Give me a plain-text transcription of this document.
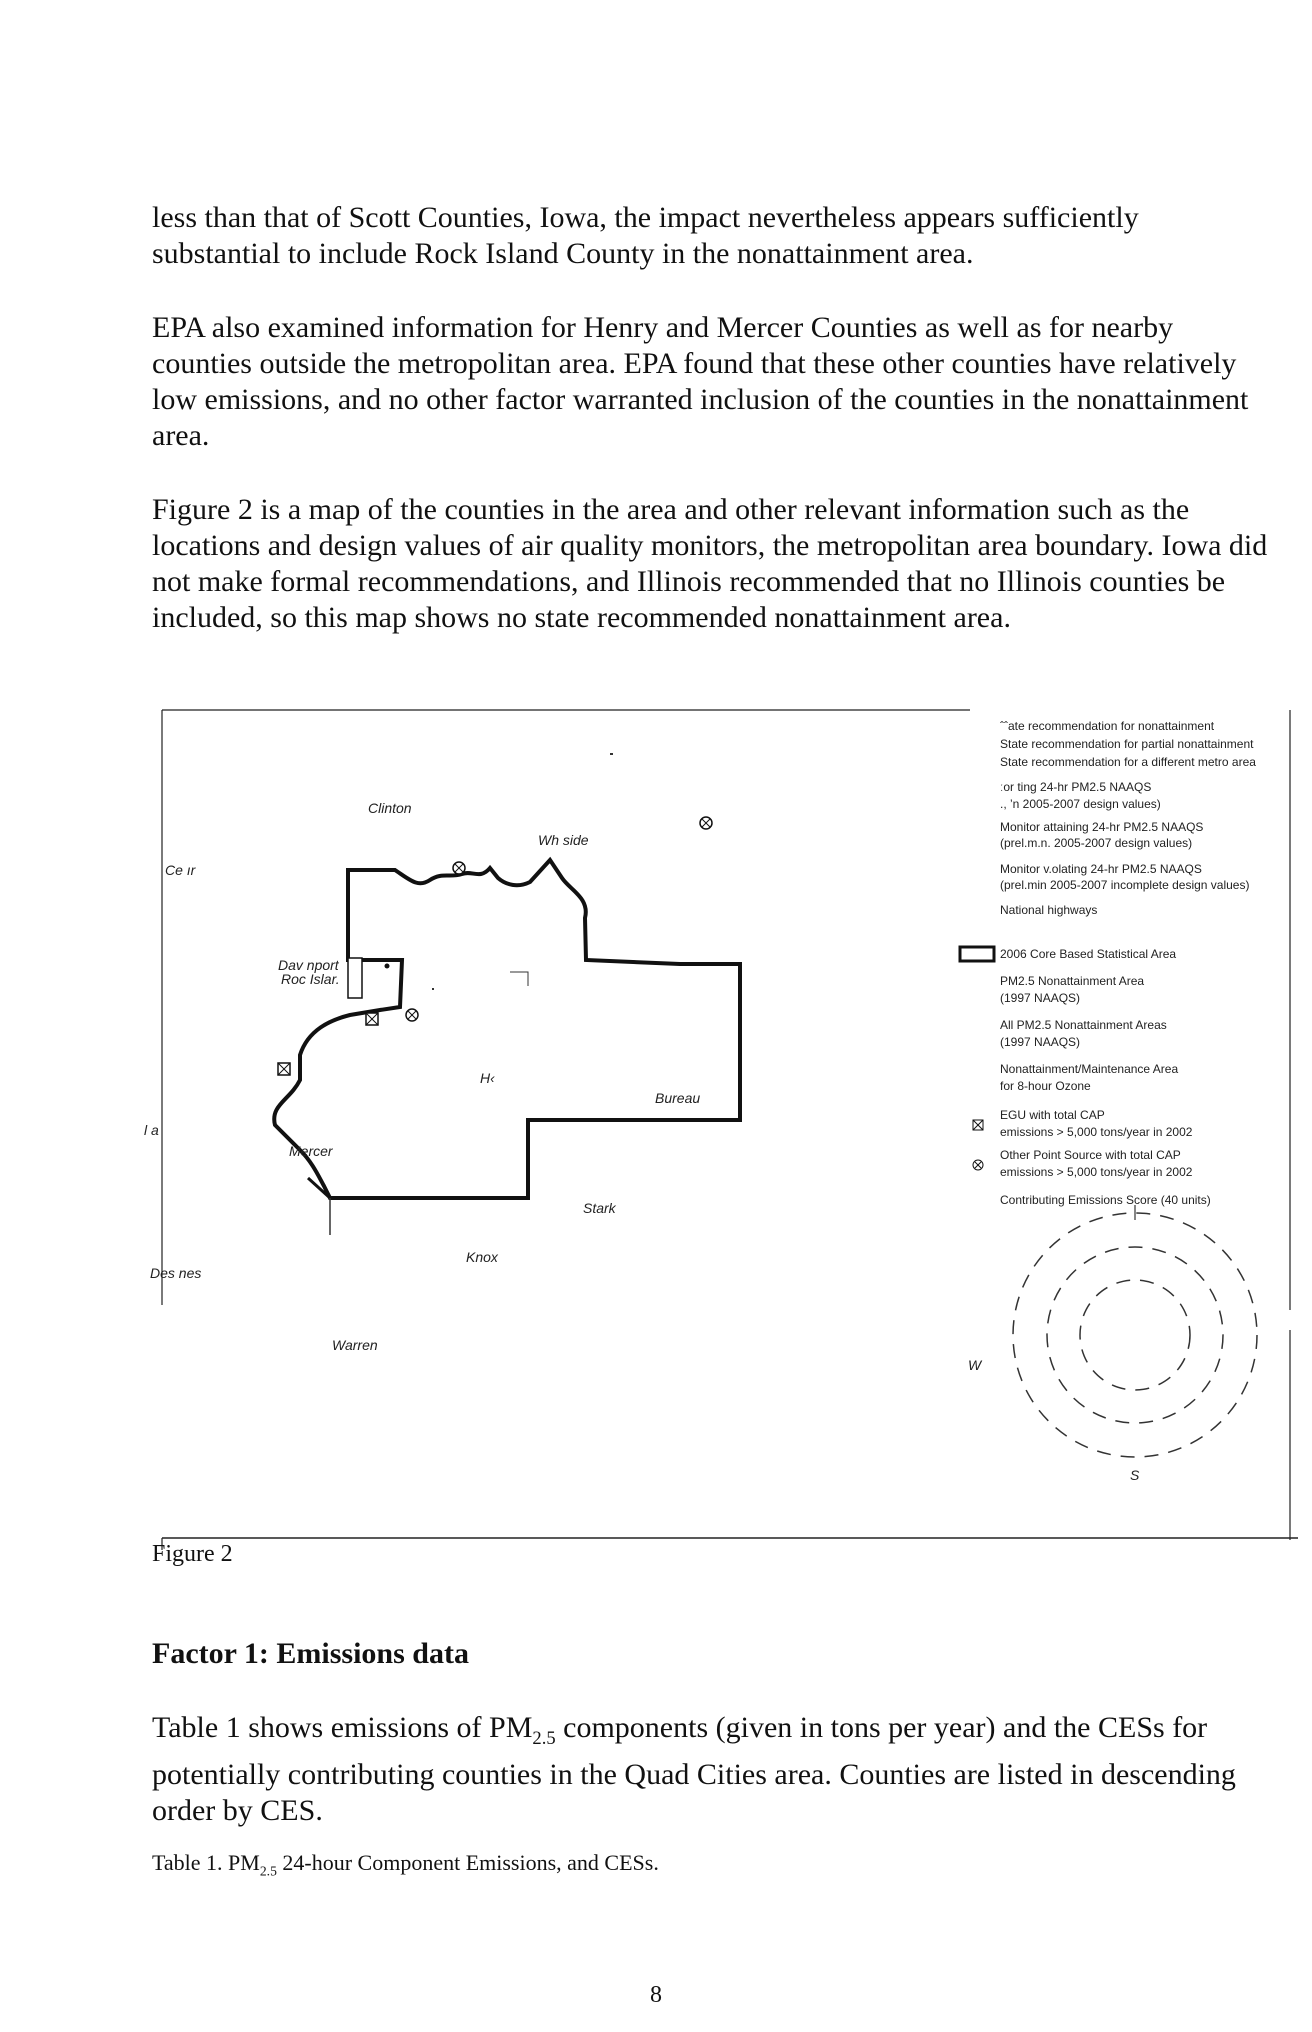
less than that of Scott Counties, Iowa, the impact nevertheless appears sufficiently substantial to include Rock Island County in the nonattainment area.

EPA also examined information for Henry and Mercer Counties as well as for nearby counties outside the metropolitan area. EPA found that these other counties have relatively low emissions, and no other factor warranted inclusion of the counties in the nonattainment area.

Figure 2 is a map of the counties in the area and other relevant information such as the locations and design values of air quality monitors, the metropolitan area boundary. Iowa did not make formal recommendations, and Illinois recommended that no Illinois counties be included, so this map shows no state recommended nonattainment area.

Clinton
Wh side
Ce ır
Dav nport
Roc Islar.
H‹
Bureau
Mercer
Stark
Knox
Des nes
Warren
l a
W
S
ˆˆate recommendation for nonattainment
State recommendation for partial nonattainment
State recommendation for a different metro area
ːor ting 24-hr PM2.5 NAAQS
., ’n 2005-2007 design values)
Monitor attaining 24-hr PM2.5 NAAQS
(prel.m.n. 2005-2007 design values)
Monitor v.olating 24-hr PM2.5 NAAQS
(prel.min 2005-2007 incomplete design values)
National highways
2006 Core Based Statistical Area
PM2.5 Nonattainment Area
(1997 NAAQS)
All PM2.5 Nonattainment Areas
(1997 NAAQS)
Nonattainment/Maintenance Area
for 8-hour Ozone
EGU with total CAP
emissions > 5,000 tons/year in 2002
Other Point Source with total CAP
emissions > 5,000 tons/year in 2002
Contributing Emissions Score (40 units)

Figure 2

Factor 1: Emissions data

Table 1 shows emissions of $PM_{2.5}$ components (given in tons per year) and the CESs for potentially contributing counties in the Quad Cities area. Counties are listed in descending order by CES.

Table 1. $PM_{2.5}$ 24-hour Component Emissions, and CESs.

8
